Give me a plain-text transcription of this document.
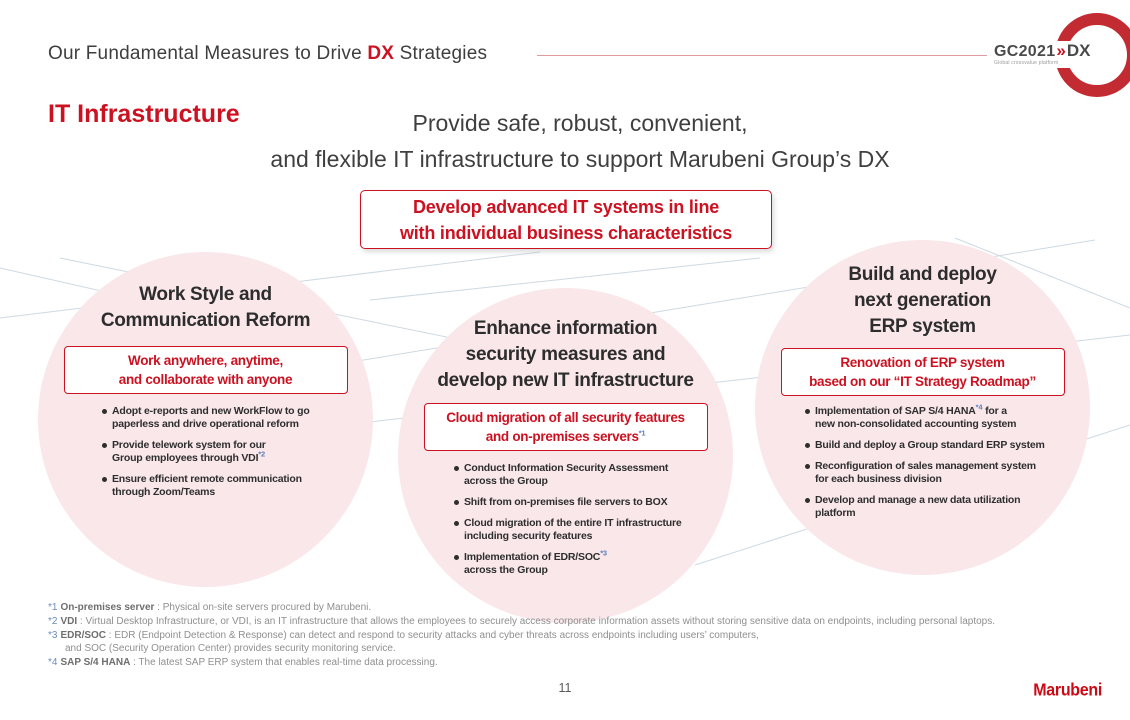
Our Fundamental Measures to Drive DX Strategies	GC2021 » DX
Global crossvalue platform
IT Infrastructure	Provide safe, robust, convenient,
and flexible IT infrastructure to support Marubeni Group’s DX
Develop advanced IT systems in line
with individual business characteristics
Work Style and
Communication Reform
Work anywhere, anytime,
and collaborate with anyone
Adopt e-reports and new WorkFlow to go
paperless and drive operational reform
Provide telework system for our
Group employees through VDI$^{*2}$
Ensure efficient remote communication
through Zoom/Teams
Enhance information
security measures and
develop new IT infrastructure
Cloud migration of all security features
and on-premises servers$^{*1}$
Conduct Information Security Assessment
across the Group
Shift from on-premises file servers to BOX
Cloud migration of the entire IT infrastructure
including security features
Implementation of EDR/SOC$^{*3}$
across the Group
Build and deploy
next generation
ERP system
Renovation of ERP system
based on our “IT Strategy Roadmap”
Implementation of SAP S/4 HANA$^{*4}$ for a
new non-consolidated accounting system
Build and deploy a Group standard ERP system
Reconfiguration of sales management system
for each business division
Develop and manage a new data utilization
platform
*1 On-premises server : Physical on-site servers procured by Marubeni.
*2 VDI : Virtual Desktop Infrastructure, or VDI, is an IT infrastructure that allows the employees to securely access corporate information assets without storing sensitive data on endpoints, including personal laptops.
*3 EDR/SOC : EDR (Endpoint Detection & Response) can detect and respond to security attacks and cyber threats across endpoints including users’ computers,
and SOC (Security Operation Center) provides security monitoring service.
*4 SAP S/4 HANA : The latest SAP ERP system that enables real-time data processing.
11	Marubeni
